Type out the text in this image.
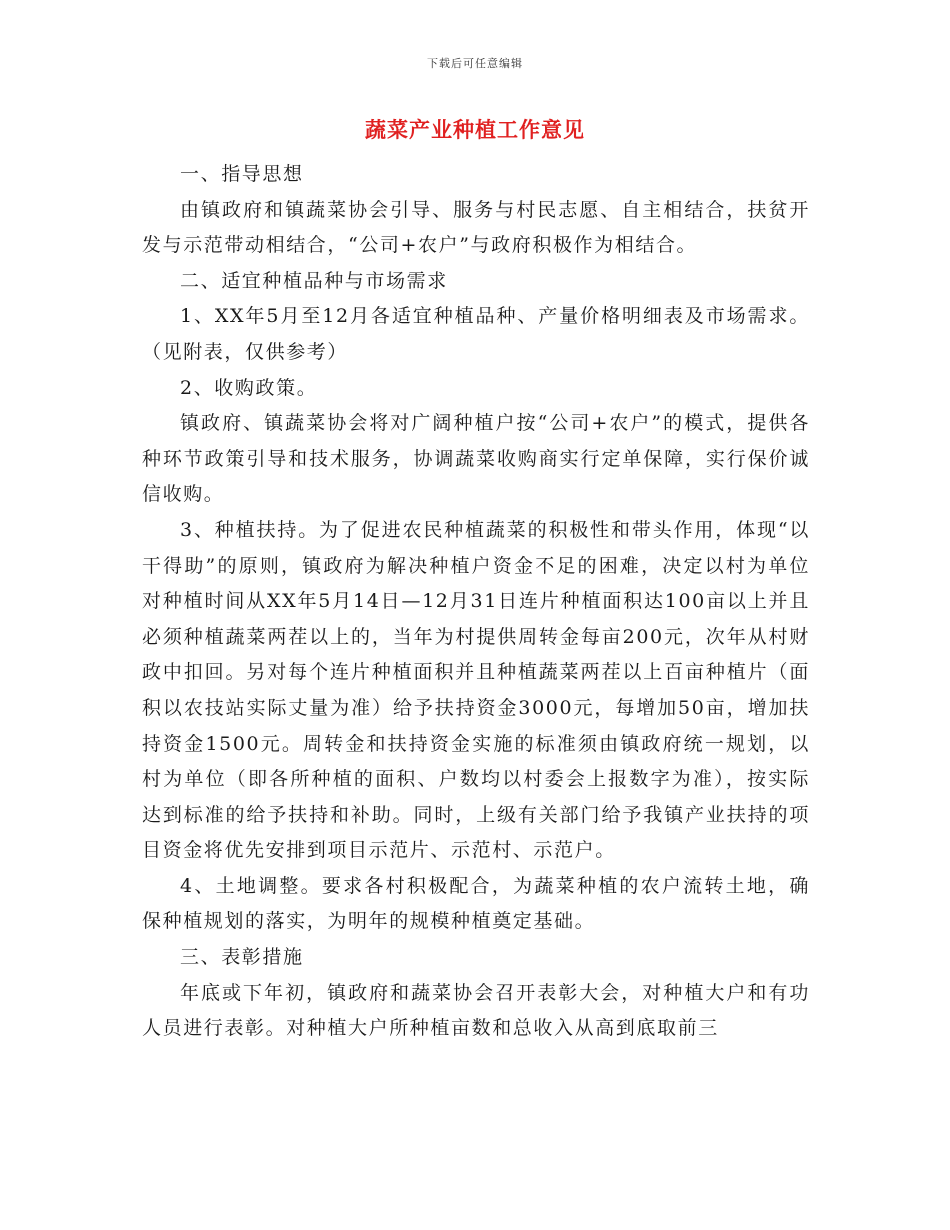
下载后可任意编辑
蔬菜产业种植工作意见

一、指导思想

由镇政府和镇蔬菜协会引导、服务与村民志愿、自主相结合，扶贫开发与示范带动相结合，“公司+农户”与政府积极作为相结合。

二、适宜种植品种与市场需求

1、XX年5月至12月各适宜种植品种、产量价格明细表及市场需求。（见附表，仅供参考）

2、收购政策。

镇政府、镇蔬菜协会将对广阔种植户按“公司+农户”的模式，提供各种环节政策引导和技术服务，协调蔬菜收购商实行定单保障，实行保价诚信收购。

3、种植扶持。为了促进农民种植蔬菜的积极性和带头作用，体现“以干得助”的原则，镇政府为解决种植户资金不足的困难，决定以村为单位对种植时间从XX年5月14日—12月31日连片种植面积达100亩以上并且必须种植蔬菜两茬以上的，当年为村提供周转金每亩200元，次年从村财政中扣回。另对每个连片种植面积并且种植蔬菜两茬以上百亩种植片（面积以农技站实际丈量为准）给予扶持资金3000元，每增加50亩，增加扶持资金1500元。周转金和扶持资金实施的标准须由镇政府统一规划，以村为单位（即各所种植的面积、户数均以村委会上报数字为准），按实际达到标准的给予扶持和补助。同时，上级有关部门给予我镇产业扶持的项目资金将优先安排到项目示范片、示范村、示范户。

4、土地调整。要求各村积极配合，为蔬菜种植的农户流转土地，确保种植规划的落实，为明年的规模种植奠定基础。

三、表彰措施

年底或下年初，镇政府和蔬菜协会召开表彰大会，对种植大户和有功人员进行表彰。对种植大户所种植亩数和总收入从高到底取前三
